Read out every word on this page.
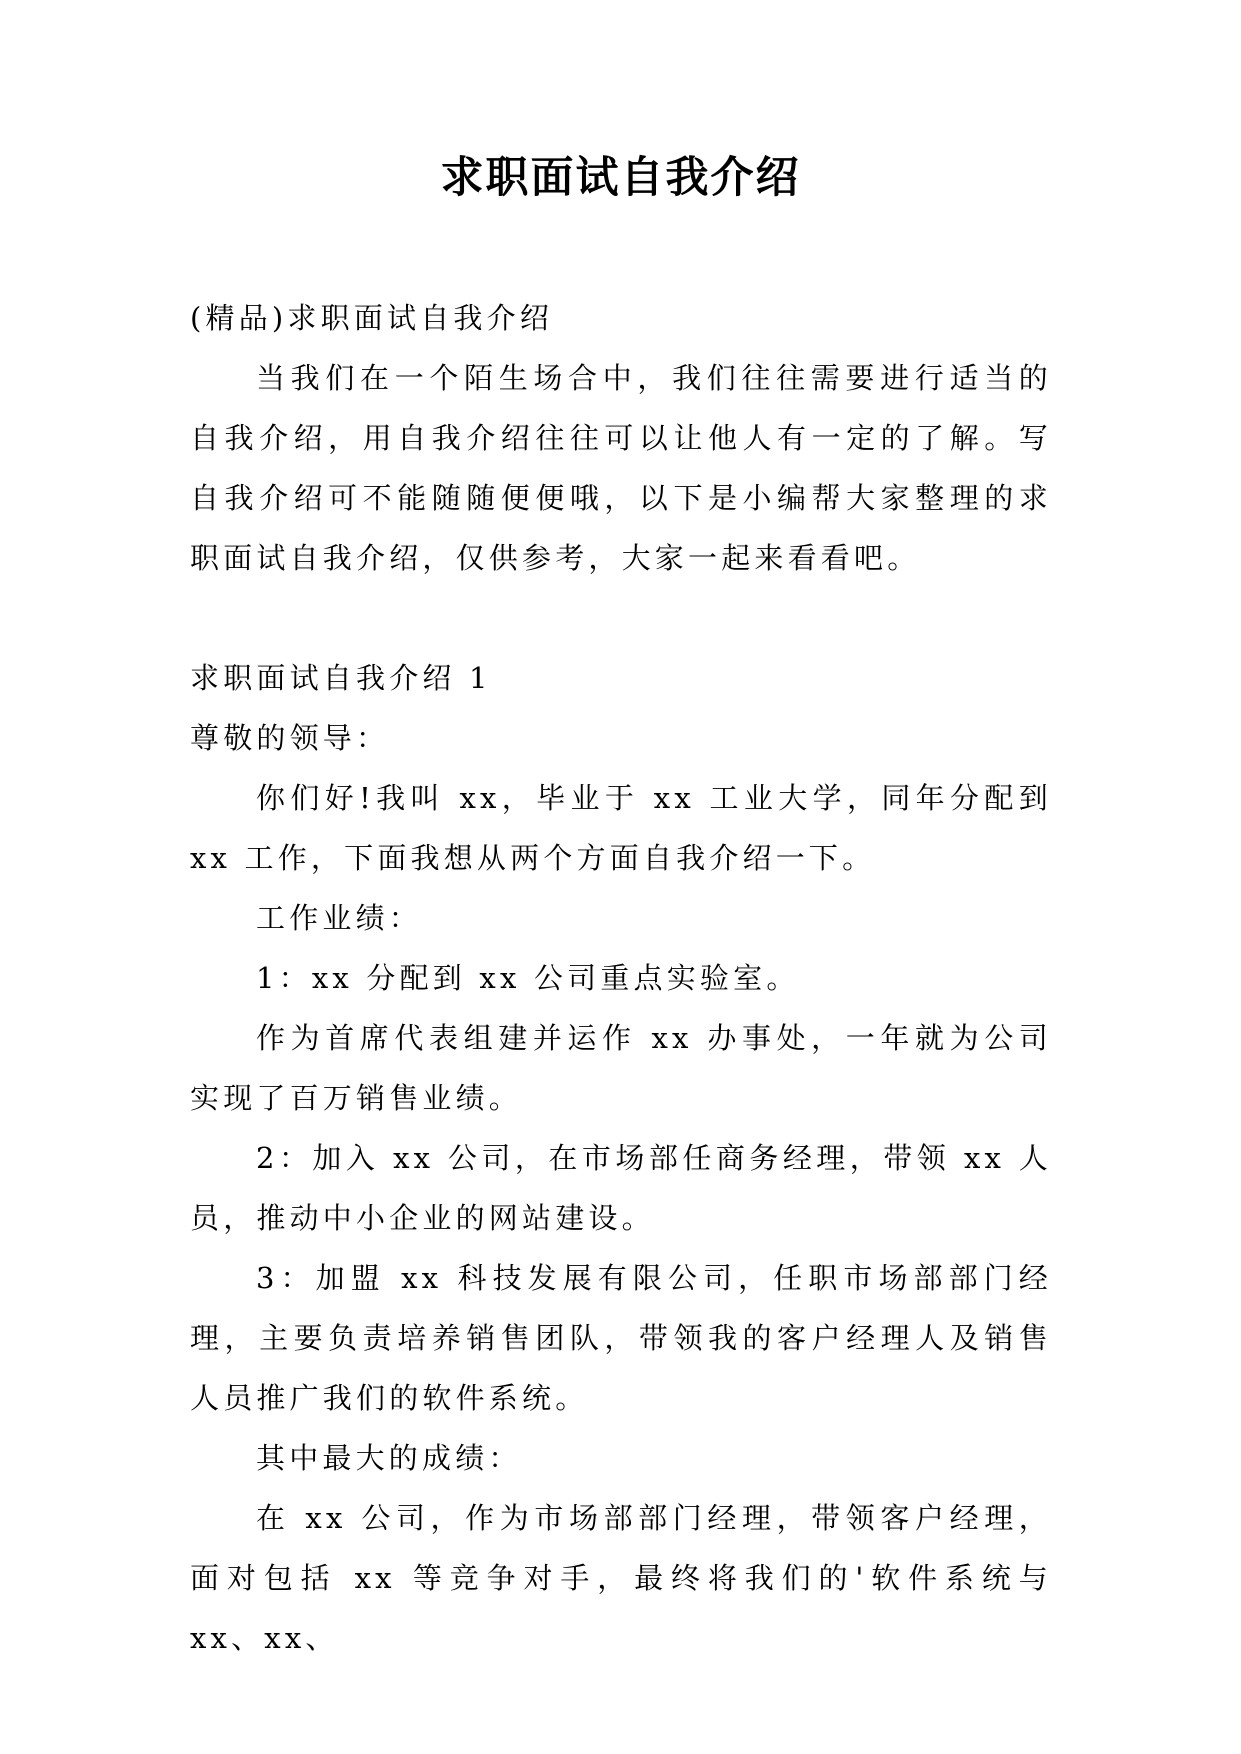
求职面试自我介绍

(精品)求职面试自我介绍

当我们在一个陌生场合中，我们往往需要进行适当的自我介绍，用自我介绍往往可以让他人有一定的了解。写自我介绍可不能随随便便哦，以下是小编帮大家整理的求职面试自我介绍，仅供参考，大家一起来看看吧。

求职面试自我介绍 1

尊敬的领导：

你们好!我叫 xx，毕业于 xx 工业大学，同年分配到 xx 工作，下面我想从两个方面自我介绍一下。

工作业绩：

1：xx 分配到 xx 公司重点实验室。

作为首席代表组建并运作 xx 办事处，一年就为公司实现了百万销售业绩。

2：加入 xx 公司，在市场部任商务经理，带领 xx 人员，推动中小企业的网站建设。

3：加盟 xx 科技发展有限公司，任职市场部部门经理，主要负责培养销售团队，带领我的客户经理人及销售人员推广我们的软件系统。

其中最大的成绩：

在 xx 公司，作为市场部部门经理，带领客户经理，面对包括 xx 等竞争对手，最终将我们的'软件系统与 xx、xx、
